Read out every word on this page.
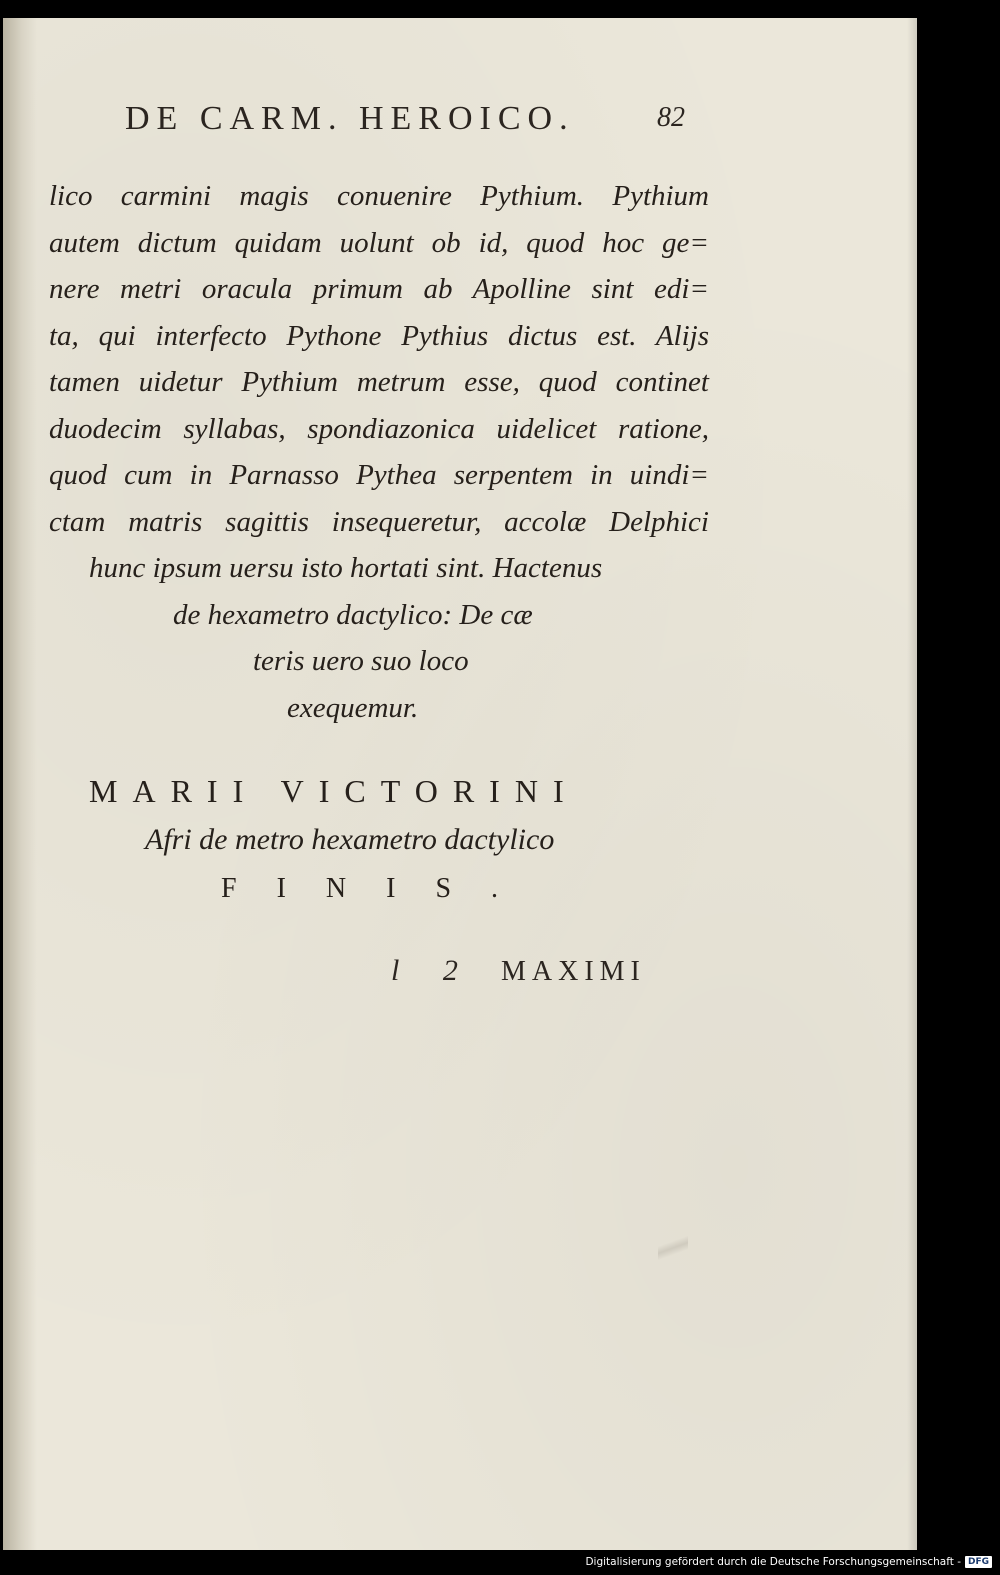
DE CARM. HEROICO.	82
lico carmini magis conuenire Pythium. Pythium
autem dictum quidam uolunt ob id, quod hoc ge=
nere metri oracula primum ab Apolline sint edi=
ta, qui interfecto Pythone Pythius dictus est. Alijs
tamen uidetur Pythium metrum esse, quod continet
duodecim syllabas, spondiazonica uidelicet ratione,
quod cum in Parnasso Pythea serpentem in uindi=
ctam matris sagittis insequeretur, accolæ Delphici
hunc ipsum uersu isto hortati sint. Hactenus
de hexametro dactylico: De cæ
teris uero suo loco
exequemur.
MARII VICTORINI
Afri de metro hexametro dactylico
FINIS.
l 2 MAXIMI
Digitalisierung gefördert durch die Deutsche Forschungsgemeinschaft - DFG
